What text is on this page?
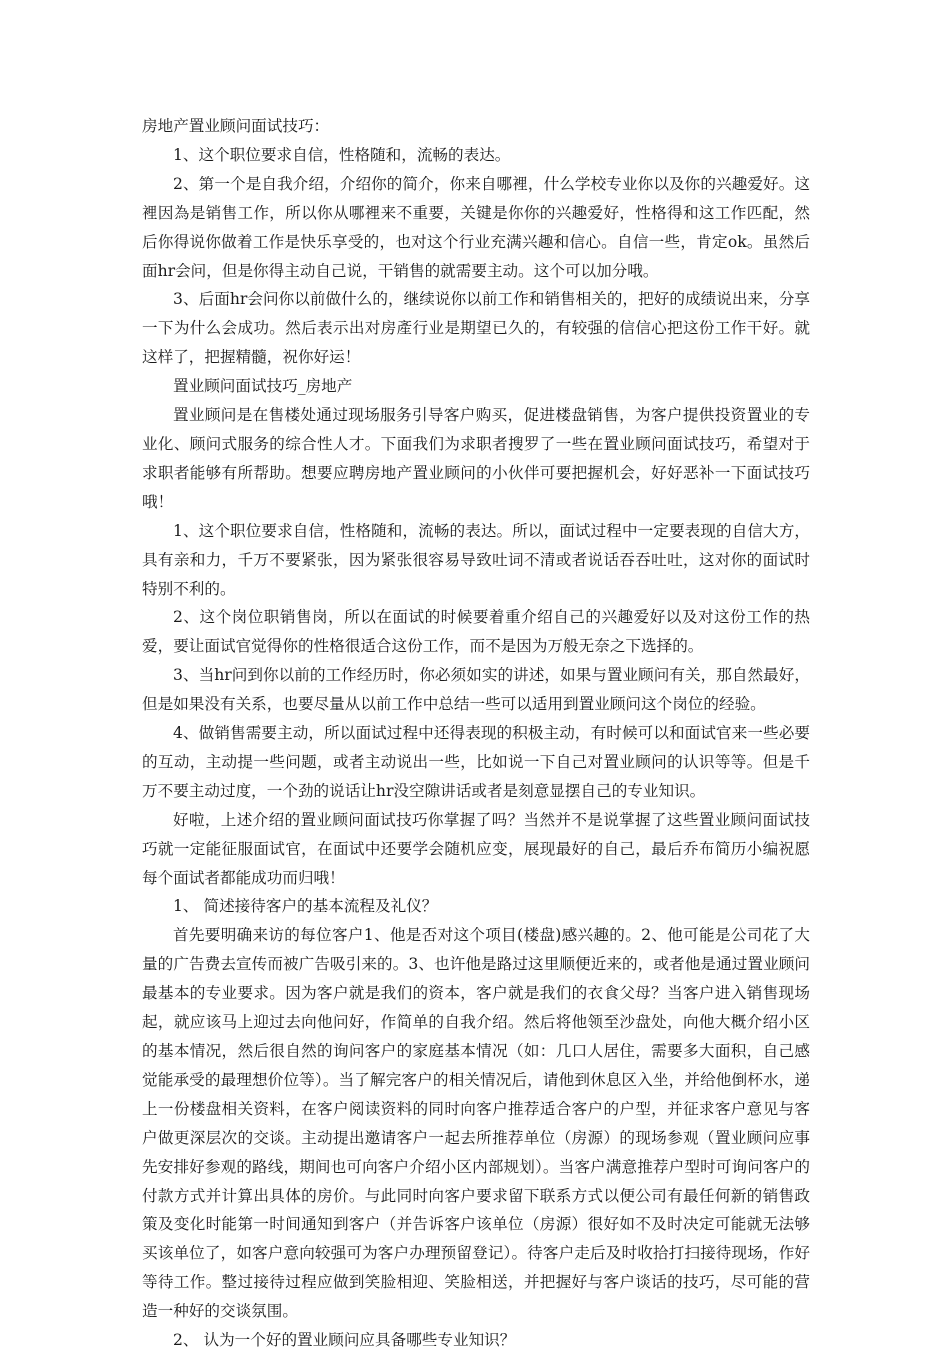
房地产置业顾问面试技巧：

1、这个职位要求自信，性格随和，流畅的表达。

2、第一个是自我介绍，介绍你的简介，你来自哪裡，什么学校专业你以及你的兴趣爱好。这裡因為是销售工作，所以你从哪裡来不重要，关键是你你的兴趣爱好，性格得和这工作匹配，然后你得说你做着工作是快乐享受的，也对这个行业充满兴趣和信心。自信一些，肯定ok。虽然后面hr会问，但是你得主动自己说，干销售的就需要主动。这个可以加分哦。

3、后面hr会问你以前做什么的，继续说你以前工作和销售相关的，把好的成绩说出来，分享一下为什么会成功。然后表示出对房產行业是期望已久的，有较强的信信心把这份工作干好。就这样了，把握精髓，祝你好运！

置业顾问面试技巧_房地产

置业顾问是在售楼处通过现场服务引导客户购买，促进楼盘销售，为客户提供投资置业的专业化、顾问式服务的综合性人才。下面我们为求职者搜罗了一些在置业顾问面试技巧，希望对于求职者能够有所帮助。想要应聘房地产置业顾问的小伙伴可要把握机会，好好恶补一下面试技巧哦！

1、这个职位要求自信，性格随和，流畅的表达。所以，面试过程中一定要表现的自信大方，具有亲和力，千万不要紧张，因为紧张很容易导致吐词不清或者说话吞吞吐吐，这对你的面试时特别不利的。

2、这个岗位职销售岗，所以在面试的时候要着重介绍自己的兴趣爱好以及对这份工作的热爱，要让面试官觉得你的性格很适合这份工作，而不是因为万般无奈之下选择的。

3、当hr问到你以前的工作经历时，你必须如实的讲述，如果与置业顾问有关，那自然最好，但是如果没有关系，也要尽量从以前工作中总结一些可以适用到置业顾问这个岗位的经验。

4、做销售需要主动，所以面试过程中还得表现的积极主动，有时候可以和面试官来一些必要的互动，主动提一些问题，或者主动说出一些，比如说一下自己对置业顾问的认识等等。但是千万不要主动过度，一个劲的说话让hr没空隙讲话或者是刻意显摆自己的专业知识。

好啦，上述介绍的置业顾问面试技巧你掌握了吗？当然并不是说掌握了这些置业顾问面试技巧就一定能征服面试官，在面试中还要学会随机应变，展现最好的自己，最后乔布简历小编祝愿每个面试者都能成功而归哦！

1、 简述接待客户的基本流程及礼仪？

首先要明确来访的每位客户1、他是否对这个项目(楼盘)感兴趣的。2、他可能是公司花了大量的广告费去宣传而被广告吸引来的。3、也许他是路过这里顺便近来的，或者他是通过置业顾问最基本的专业要求。因为客户就是我们的资本，客户就是我们的衣食父母？当客户进入销售现场起，就应该马上迎过去向他问好，作简单的自我介绍。然后将他领至沙盘处，向他大概介绍小区的基本情况，然后很自然的询问客户的家庭基本情况（如：几口人居住，需要多大面积，自己感觉能承受的最理想价位等）。当了解完客户的相关情况后，请他到休息区入坐，并给他倒杯水，递上一份楼盘相关资料，在客户阅读资料的同时向客户推荐适合客户的户型，并征求客户意见与客户做更深层次的交谈。主动提出邀请客户一起去所推荐单位（房源）的现场参观（置业顾问应事先安排好参观的路线，期间也可向客户介绍小区内部规划）。当客户满意推荐户型时可询问客户的付款方式并计算出具体的房价。与此同时向客户要求留下联系方式以便公司有最任何新的销售政策及变化时能第一时间通知到客户（并告诉客户该单位（房源）很好如不及时决定可能就无法够买该单位了，如客户意向较强可为客户办理预留登记）。待客户走后及时收拾打扫接待现场，作好等待工作。整过接待过程应做到笑脸相迎、笑脸相送，并把握好与客户谈话的技巧，尽可能的营造一种好的交谈氛围。

2、 认为一个好的置业顾问应具备哪些专业知识？
